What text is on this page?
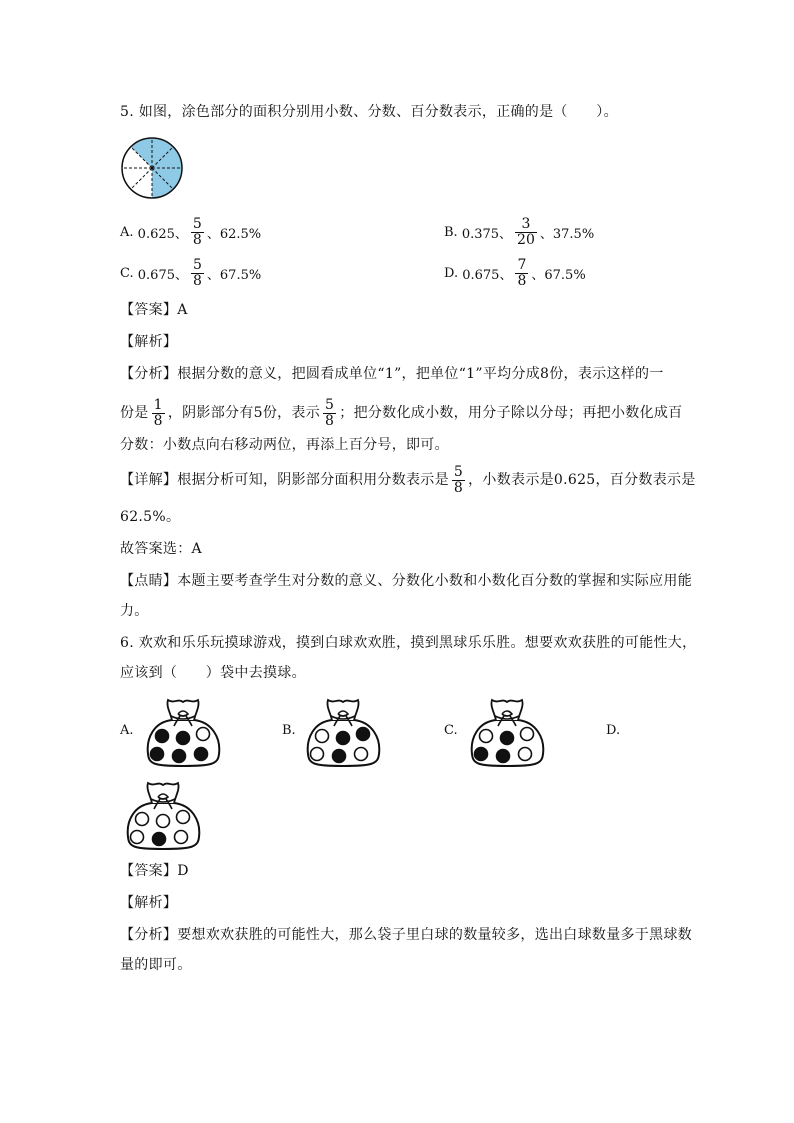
5. 如图，涂色部分的面积分别用小数、分数、百分数表示，正确的是（　　）。
A.
0.625、 $\frac{5}{8}$ 、62.5%	B.
0.375、 $\frac{3}{20}$ 、37.5%
C.
0.675、 $\frac{5}{8}$ 、67.5%	D.
0.675、 $\frac{7}{8}$ 、67.5%
【答案】A
【解析】
【分析】根据分数的意义，把圆看成单位“1”，把单位“1”平均分成8份，表示这样的一
份是 $\frac{1}{8}$ ，阴影部分有5份，表示 $\frac{5}{8}$ ；把分数化成小数，用分子除以分母；再把小数化成百
分数：小数点向右移动两位，再添上百分号，即可。
【详解】根据分析可知，阴影部分面积用分数表示是 $\frac{5}{8}$ ，小数表示是0.625，百分数表示是
62.5%。
故答案选：A
【点睛】本题主要考查学生对分数的意义、分数化小数和小数化百分数的掌握和实际应用能
力。
6. 欢欢和乐乐玩摸球游戏，摸到白球欢欢胜，摸到黑球乐乐胜。想要欢欢获胜的可能性大，
应该到（　　）袋中去摸球。
A.	B.	C.	D.
【答案】D
【解析】
【分析】要想欢欢获胜的可能性大，那么袋子里白球的数量较多，选出白球数量多于黑球数
量的即可。
